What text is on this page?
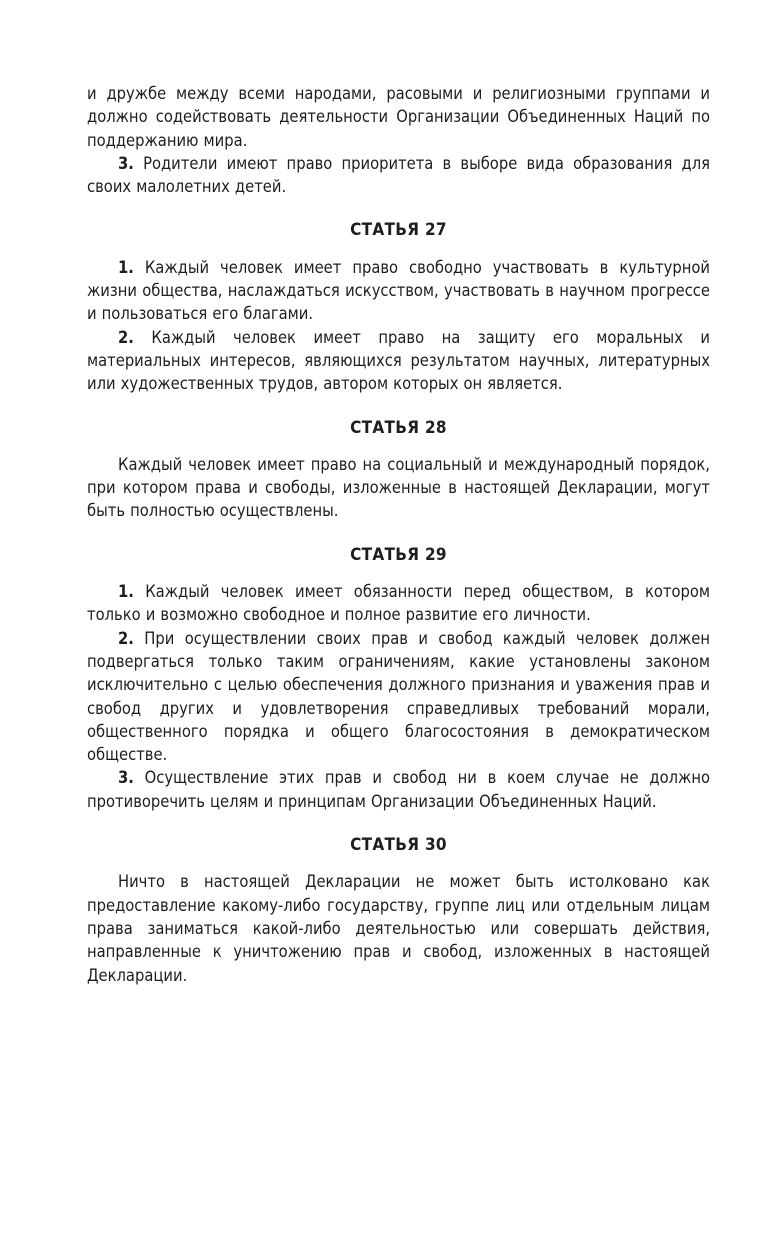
и дружбе между всеми народами, расовыми и религиозными группами и должно содействовать деятельности Организации Объединенных Наций по поддержанию мира.

3. Родители имеют право приоритета в выборе вида образования для своих малолетних детей.

СТАТЬЯ 27

1. Каждый человек имеет право свободно участвовать в культурной жизни общества, наслаждаться искусством, участвовать в научном прогрессе и пользоваться его благами.

2. Каждый человек имеет право на защиту его моральных и материальных интересов, являющихся результатом научных, литературных или художественных трудов, автором которых он является.

СТАТЬЯ 28

Каждый человек имеет право на социальный и международный порядок, при котором права и свободы, изложенные в настоящей Декларации, могут быть полностью осуществлены.

СТАТЬЯ 29

1. Каждый человек имеет обязанности перед обществом, в котором только и возможно свободное и полное развитие его личности.

2. При осуществлении своих прав и свобод каждый человек должен подвергаться только таким ограничениям, какие установлены законом исключительно с целью обеспечения должного признания и уважения прав и свобод других и удовлетворения справедливых требований морали, общественного порядка и общего благосостояния в демократическом обществе.

3. Осуществление этих прав и свобод ни в коем случае не должно противоречить целям и принципам Организации Объединенных Наций.

СТАТЬЯ 30

Ничто в настоящей Декларации не может быть истолковано как предоставление какому-либо государству, группе лиц или отдельным лицам права заниматься какой-либо деятельностью или совершать действия, направленные к уничтожению прав и свобод, изложенных в настоящей Декларации.
